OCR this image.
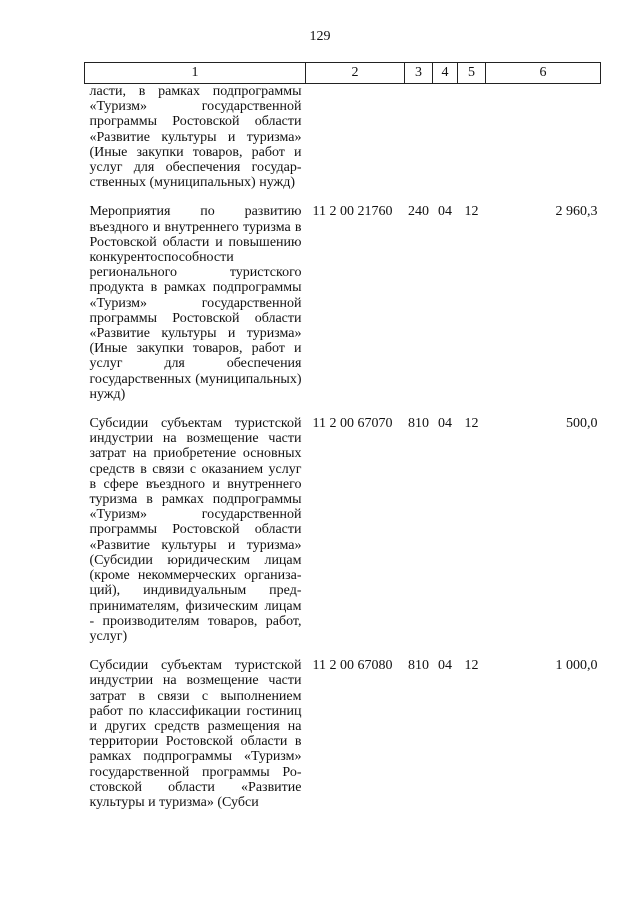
129
1	2	3	4	5	6
ласти, в рамках подпрограммы «Туризм» государственной программы Ростовской области «Развитие культуры и туризма» (Иные закупки товаров, работ и услуг для обеспечения государственных (муниципальных) нужд)					
Мероприятия по развитию въездного и внутреннего туризма в Ростовской области и повышению конкурентоспособности регионального туристского продукта в рамках подпрограммы «Туризм» государственной программы Ростовской области «Развитие культуры и туризма» (Иные закупки товаров, работ и услуг для обеспечения государственных (муниципальных) нужд)	11 2 00 21760	240	04	12	2 960,3
Субсидии субъектам туристской индустрии на возмещение части затрат на приобретение основных средств в связи с оказанием услуг в сфере въездного и внутреннего туризма в рамках подпрограммы «Туризм» государственной программы Ростовской области «Развитие культуры и туризма» (Субсидии юридическим лицам (кроме некоммерческих организаций), индивидуальным предпринимателям, физическим лицам - производителям товаров, работ, услуг)	11 2 00 67070	810	04	12	500,0
Субсидии субъектам туристской индустрии на возмещение части затрат в связи с выполнением работ по классификации гостиниц и других средств размещения на территории Ростовской области в рамках подпрограммы «Туризм» государственной программы Ростовской области «Развитие культуры и туризма» (Субси	11 2 00 67080	810	04	12	1 000,0
